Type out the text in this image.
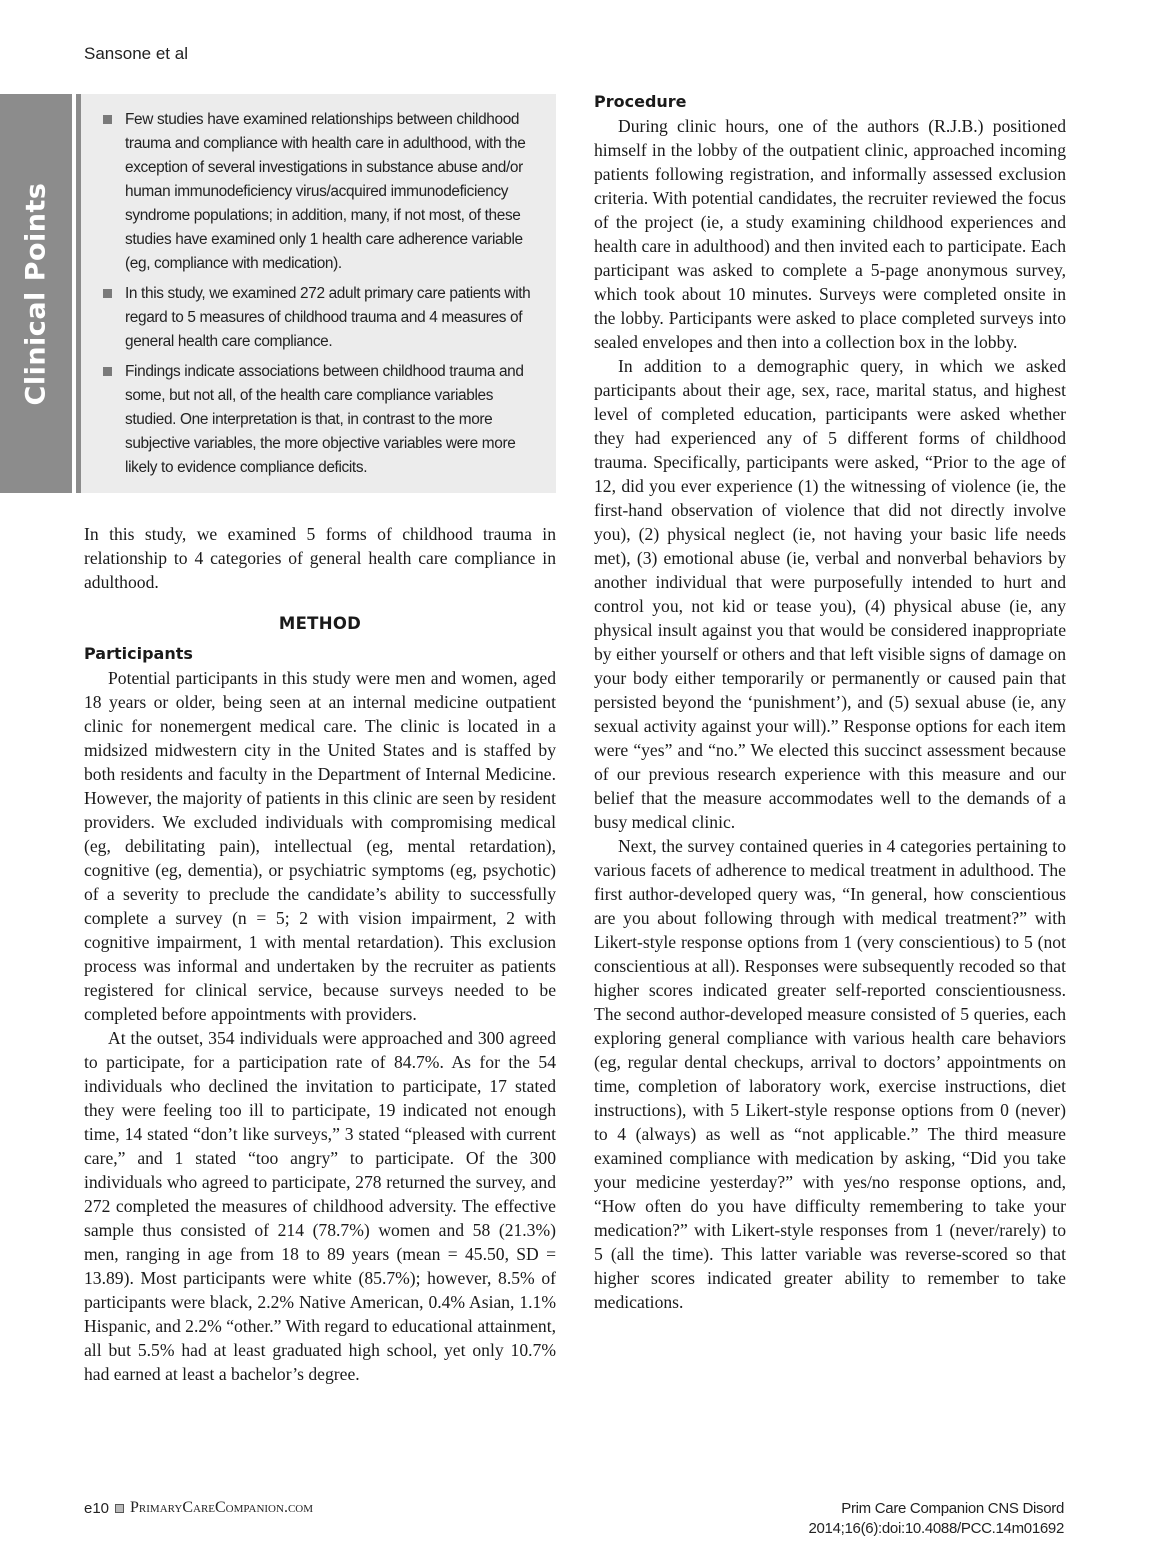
Sansone et al
Clinical Points
Few studies have examined relationships between childhood trauma and compliance with health care in adulthood, with the exception of several investigations in substance abuse and/or human immunodeficiency virus/acquired immunodeficiency syndrome populations; in addition, many, if not most, of these studies have examined only 1 health care adherence variable (eg, compliance with medication).
In this study, we examined 272 adult primary care patients with regard to 5 measures of childhood trauma and 4 measures of general health care compliance.
Findings indicate associations between childhood trauma and some, but not all, of the health care compliance variables studied. One interpretation is that, in contrast to the more subjective variables, the more objective variables were more likely to evidence compliance deficits.

In this study, we examined 5 forms of childhood trauma in relationship to 4 categories of general health care compliance in adulthood.

METHOD
Participants

Potential participants in this study were men and women, aged 18 years or older, being seen at an internal medicine outpatient clinic for nonemergent medical care. The clinic is located in a midsized midwestern city in the United States and is staffed by both residents and faculty in the Department of Internal Medicine. However, the majority of patients in this clinic are seen by resident providers. We excluded individuals with compromising medical (eg, debilitating pain), intellectual (eg, mental retardation), cognitive (eg, dementia), or psychiatric symptoms (eg, psychotic) of a severity to preclude the candidate’s ability to successfully complete a survey (n = 5; 2 with vision impairment, 2 with cognitive impairment, 1 with mental retardation). This exclusion process was informal and undertaken by the recruiter as patients registered for clinical service, because surveys needed to be completed before appointments with providers.

At the outset, 354 individuals were approached and 300 agreed to participate, for a participation rate of 84.7%. As for the 54 individuals who declined the invitation to participate, 17 stated they were feeling too ill to participate, 19 indicated not enough time, 14 stated “don’t like surveys,” 3 stated “pleased with current care,” and 1 stated “too angry” to participate. Of the 300 individuals who agreed to participate, 278 returned the survey, and 272 completed the measures of childhood adversity. The effective sample thus consisted of 214 (78.7%) women and 58 (21.3%) men, ranging in age from 18 to 89 years (mean = 45.50, SD = 13.89). Most participants were white (85.7%); however, 8.5% of participants were black, 2.2% Native American, 0.4% Asian, 1.1% Hispanic, and 2.2% “other.” With regard to educational attainment, all but 5.5% had at least graduated high school, yet only 10.7% had earned at least a bachelor’s degree.

Procedure

During clinic hours, one of the authors (R.J.B.) positioned himself in the lobby of the outpatient clinic, approached incoming patients following registration, and informally assessed exclusion criteria. With potential candidates, the recruiter reviewed the focus of the project (ie, a study examining childhood experiences and health care in adulthood) and then invited each to participate. Each participant was asked to complete a 5-page anonymous survey, which took about 10 minutes. Surveys were completed onsite in the lobby. Participants were asked to place completed surveys into sealed envelopes and then into a collection box in the lobby.

In addition to a demographic query, in which we asked participants about their age, sex, race, marital status, and highest level of completed education, participants were asked whether they had experienced any of 5 different forms of childhood trauma. Specifically, participants were asked, “Prior to the age of 12, did you ever experience (1) the witnessing of violence (ie, the first-hand observation of violence that did not directly involve you), (2) physical neglect (ie, not having your basic life needs met), (3) emotional abuse (ie, verbal and nonverbal behaviors by another individual that were purposefully intended to hurt and control you, not kid or tease you), (4) physical abuse (ie, any physical insult against you that would be considered inappropriate by either yourself or others and that left visible signs of damage on your body either temporarily or permanently or caused pain that persisted beyond the ‘punishment’), and (5) sexual abuse (ie, any sexual activity against your will).” Response options for each item were “yes” and “no.” We elected this succinct assessment because of our previous research experience with this measure and our belief that the measure accommodates well to the demands of a busy medical clinic.

Next, the survey contained queries in 4 categories pertaining to various facets of adherence to medical treatment in adulthood. The first author-developed query was, “In general, how conscientious are you about following through with medical treatment?” with Likert-style response options from 1 (very conscientious) to 5 (not conscientious at all). Responses were subsequently recoded so that higher scores indicated greater self-reported conscientiousness. The second author-developed measure consisted of 5 queries, each exploring general compliance with various health care behaviors (eg, regular dental checkups, arrival to doctors’ appointments on time, completion of laboratory work, exercise instructions, diet instructions), with 5 Likert-style response options from 0 (never) to 4 (always) as well as “not applicable.” The third measure examined compliance with medication by asking, “Did you take your medicine yesterday?” with yes/no response options, and, “How often do you have difficulty remembering to take your medication?” with Likert-style responses from 1 (never/rarely) to 5 (all the time). This latter variable was reverse-scored so that higher scores indicated greater ability to remember to take medications.

e10 PrimaryCareCompanion.com	Prim Care Companion CNS Disord
2014;16(6):doi:10.4088/PCC.14m01692
